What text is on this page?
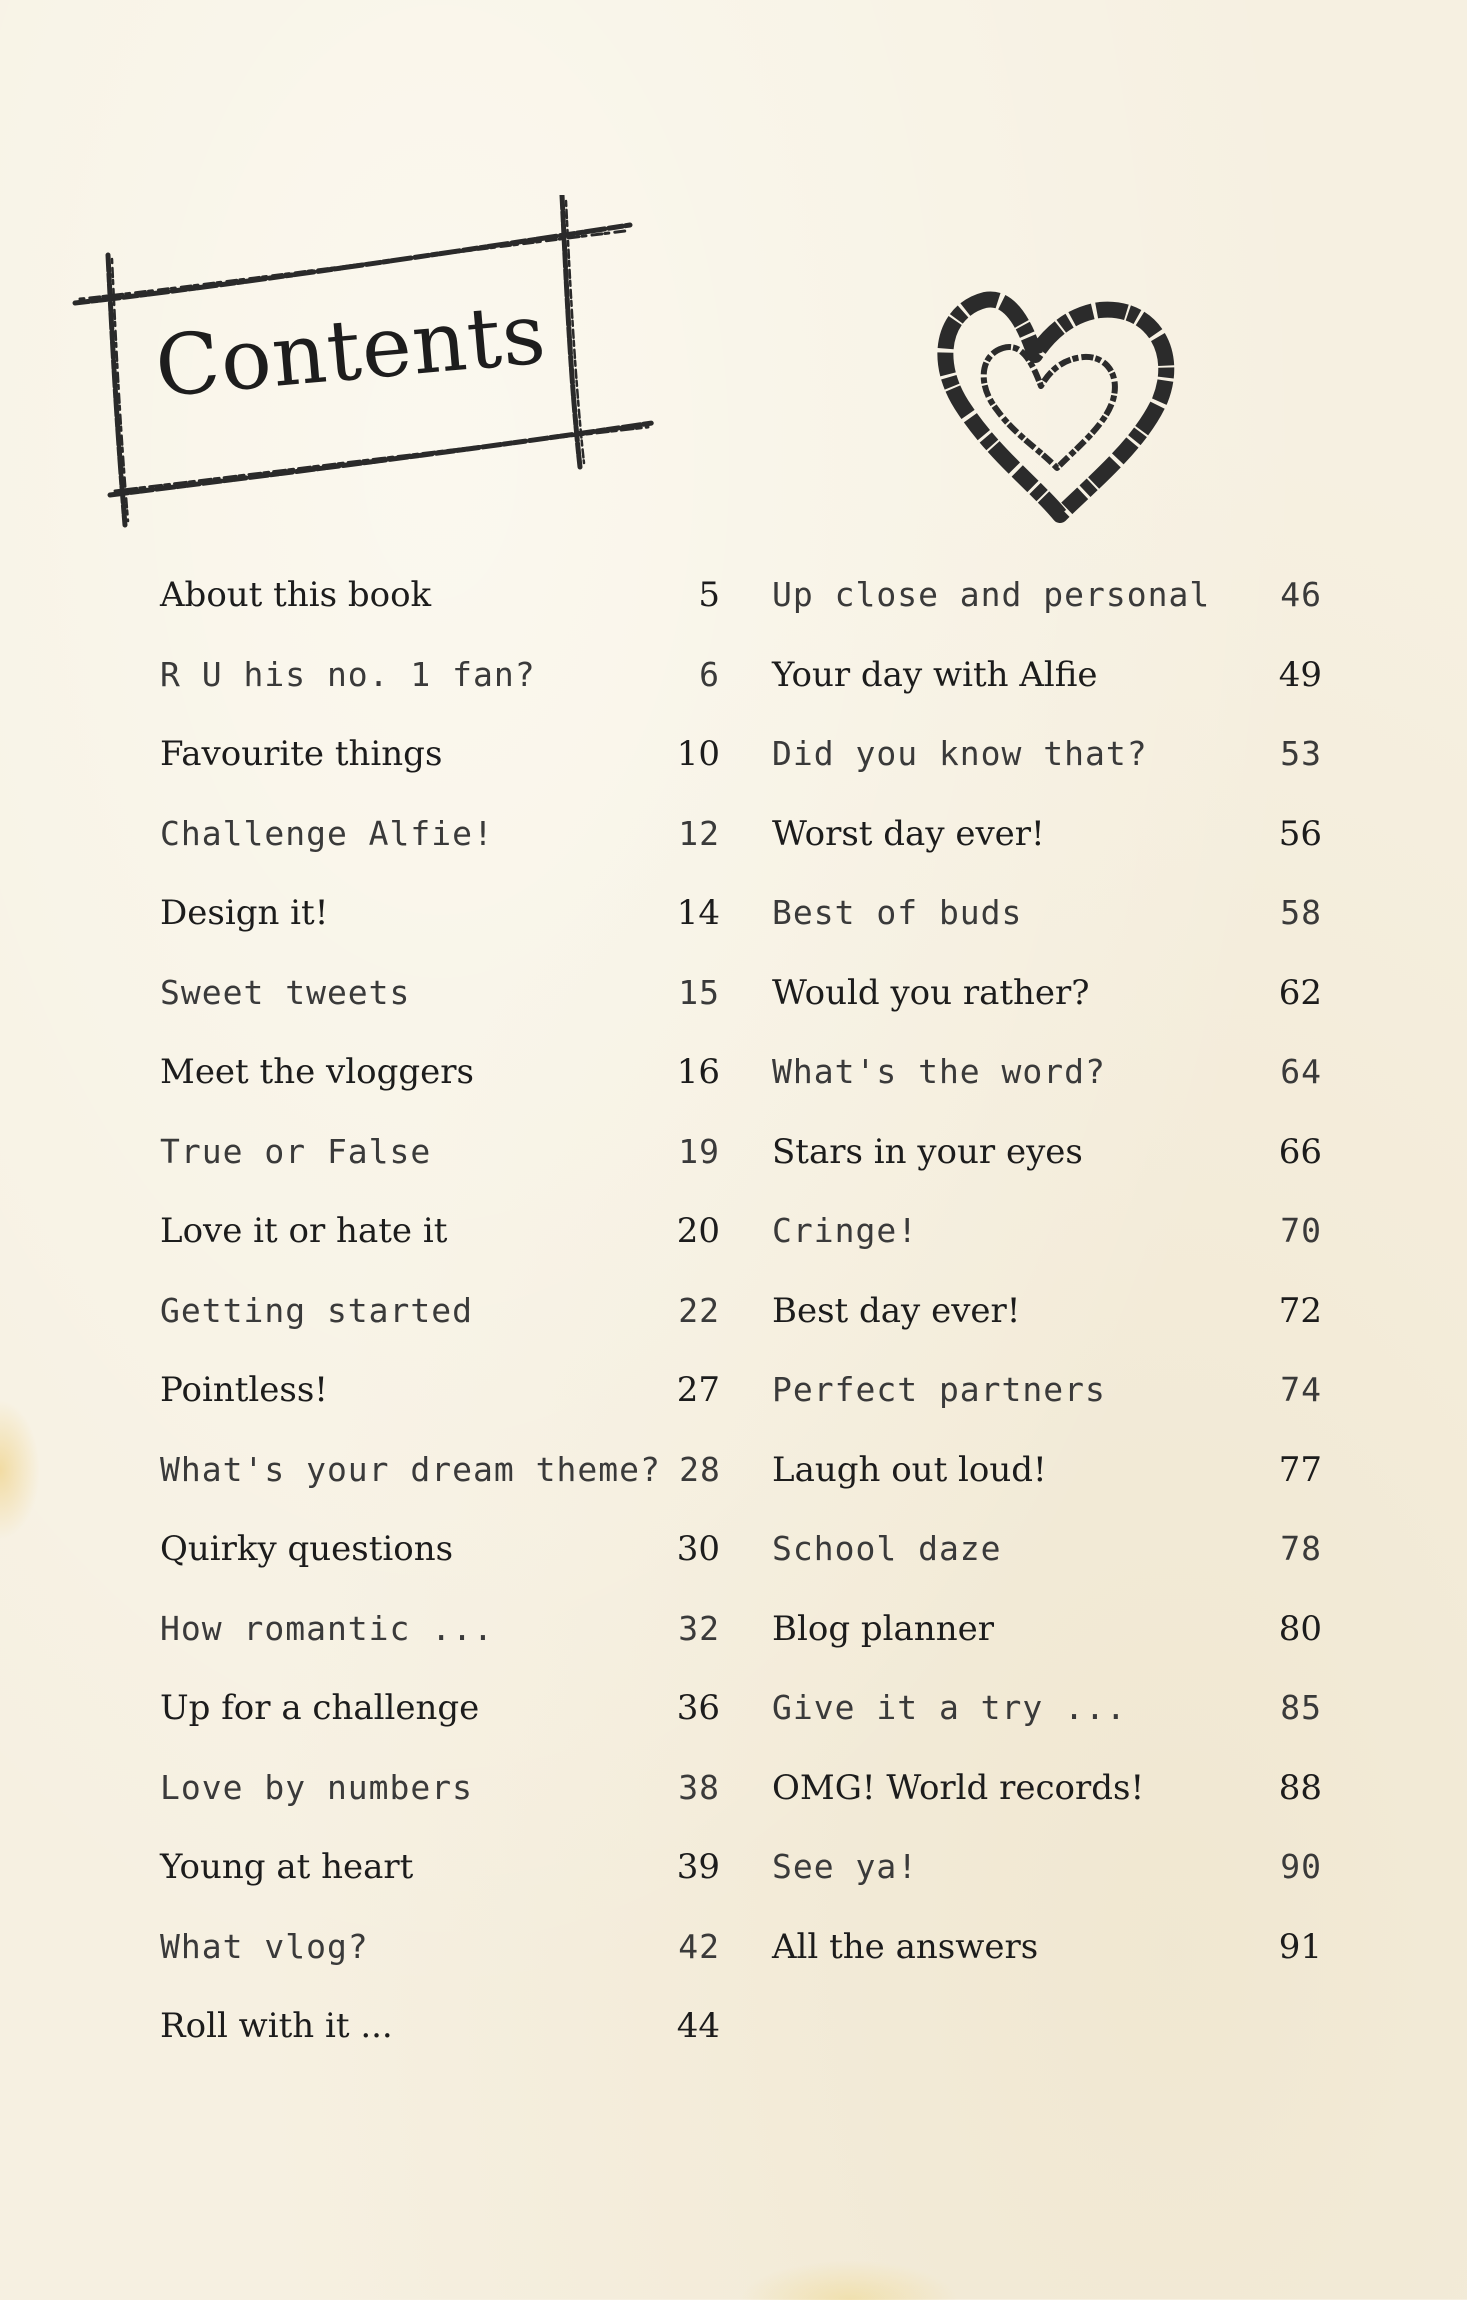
Contents
About this book	5
R U his no. 1 fan?	6
Favourite things	10
Challenge Alfie!	12
Design it!	14
Sweet tweets	15
Meet the vloggers	16
True or False	19
Love it or hate it	20
Getting started	22
Pointless!	27
What's your dream theme? 28
Quirky questions	30
How romantic ...	32
Up for a challenge	36
Love by numbers	38
Young at heart	39
What vlog?	42
Roll with it ...	44
Up close and personal	46
Your day with Alfie	49
Did you know that?	53
Worst day ever!	56
Best of buds	58
Would you rather?	62
What's the word?	64
Stars in your eyes	66
Cringe!	70
Best day ever!	72
Perfect partners	74
Laugh out loud!	77
School daze	78
Blog planner	80
Give it a try ...	85
OMG! World records!	88
See ya!	90
All the answers	91
